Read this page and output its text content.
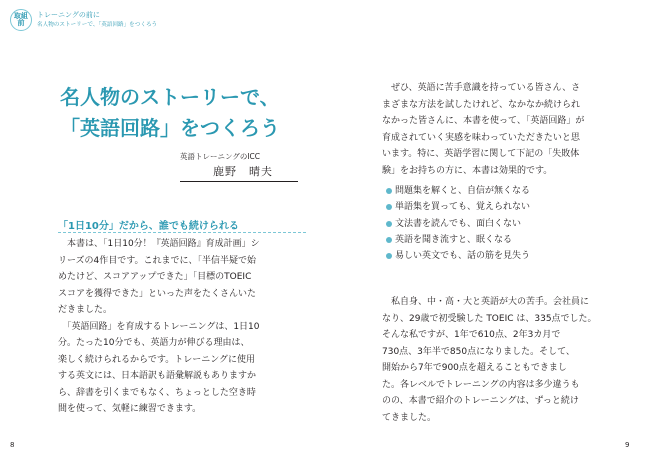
取組前
トレーニングの前に
名人物のストーリーで、「英語回路」をつくろう
名人物のストーリーで、
「英語回路」をつくろう
英語トレーニングのICC
鹿野　晴夫
「1日10分」だから、誰でも続けられる
　本書は、「1日10分！『英語回路』育成計画」シ
リーズの4作目です。これまでに、「半信半疑で始
めたけど、スコアアップできた」「目標のTOEIC
スコアを獲得できた」といった声をたくさんいた
だきました。
　「英語回路」を育成するトレーニングは、1日10
分。たった10分でも、英語力が伸びる理由は、
楽しく続けられるからです。トレーニングに使用
する英文には、日本語訳も語彙解説もありますか
ら、辞書を引くまでもなく、ちょっとした空き時
間を使って、気軽に練習できます。
8
　ぜひ、英語に苦手意識を持っている皆さん、さ
まざまな方法を試したけれど、なかなか続けられ
なかった皆さんに、本書を使って、「英語回路」が
育成されていく実感を味わっていただきたいと思
います。特に、英語学習に関して下記の「失敗体
験」をお持ちの方に、本書は効果的です。
問題集を解くと、自信が無くなる
単語集を買っても、覚えられない
文法書を読んでも、面白くない
英語を聞き流すと、眠くなる
易しい英文でも、話の筋を見失う
　私自身、中・高・大と英語が大の苦手。会社員に
なり、29歳で初受験した TOEIC は、335点でした。
そんな私ですが、1年で610点、2年3カ月で
730点、3年半で850点になりました。そして、
開始から7年で900点を超えることもできまし
た。各レベルでトレーニングの内容は多少違うも
のの、本書で紹介のトレーニングは、ずっと続け
てきました。
9
